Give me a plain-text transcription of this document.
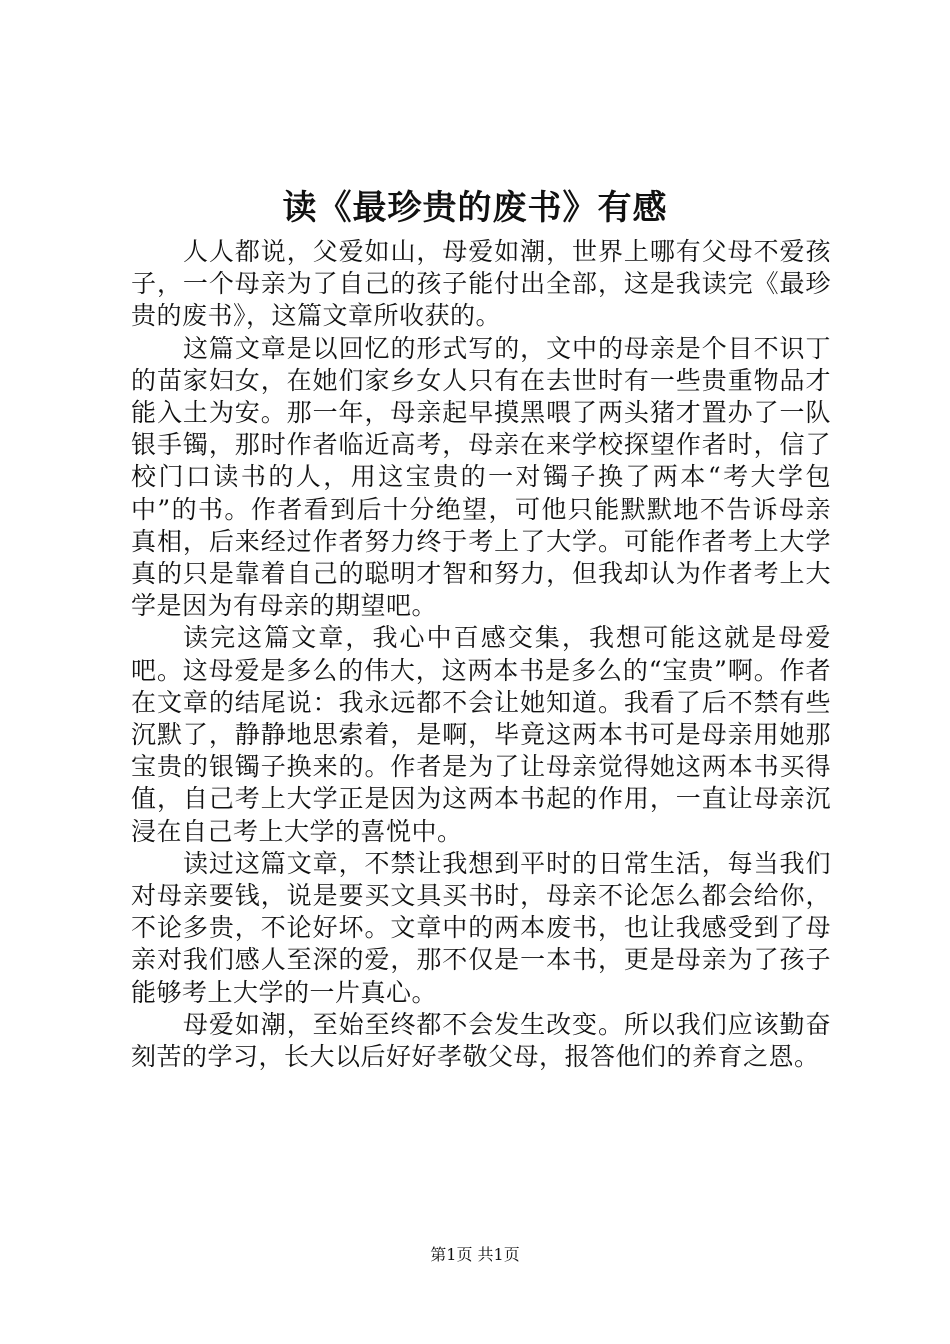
读《最珍贵的废书》有感

人人都说，父爱如山，母爱如潮，世界上哪有父母不爱孩子，一个母亲为了自己的孩子能付出全部，这是我读完《最珍贵的废书》，这篇文章所收获的。

这篇文章是以回忆的形式写的，文中的母亲是个目不识丁的苗家妇女，在她们家乡女人只有在去世时有一些贵重物品才能入土为安。那一年，母亲起早摸黑喂了两头猪才置办了一队银手镯，那时作者临近高考，母亲在来学校探望作者时，信了校门口读书的人，用这宝贵的一对镯子换了两本“考大学包中”的书。作者看到后十分绝望，可他只能默默地不告诉母亲真相，后来经过作者努力终于考上了大学。可能作者考上大学真的只是靠着自己的聪明才智和努力，但我却认为作者考上大学是因为有母亲的期望吧。

读完这篇文章，我心中百感交集，我想可能这就是母爱吧。这母爱是多么的伟大，这两本书是多么的“宝贵”啊。作者在文章的结尾说：我永远都不会让她知道。我看了后不禁有些沉默了，静静地思索着，是啊，毕竟这两本书可是母亲用她那宝贵的银镯子换来的。作者是为了让母亲觉得她这两本书买得值，自己考上大学正是因为这两本书起的作用，一直让母亲沉浸在自己考上大学的喜悦中。

读过这篇文章，不禁让我想到平时的日常生活，每当我们对母亲要钱，说是要买文具买书时，母亲不论怎么都会给你，不论多贵，不论好坏。文章中的两本废书，也让我感受到了母亲对我们感人至深的爱，那不仅是一本书，更是母亲为了孩子能够考上大学的一片真心。

母爱如潮，至始至终都不会发生改变。所以我们应该勤奋刻苦的学习，长大以后好好孝敬父母，报答他们的养育之恩。

第1页 共1页
